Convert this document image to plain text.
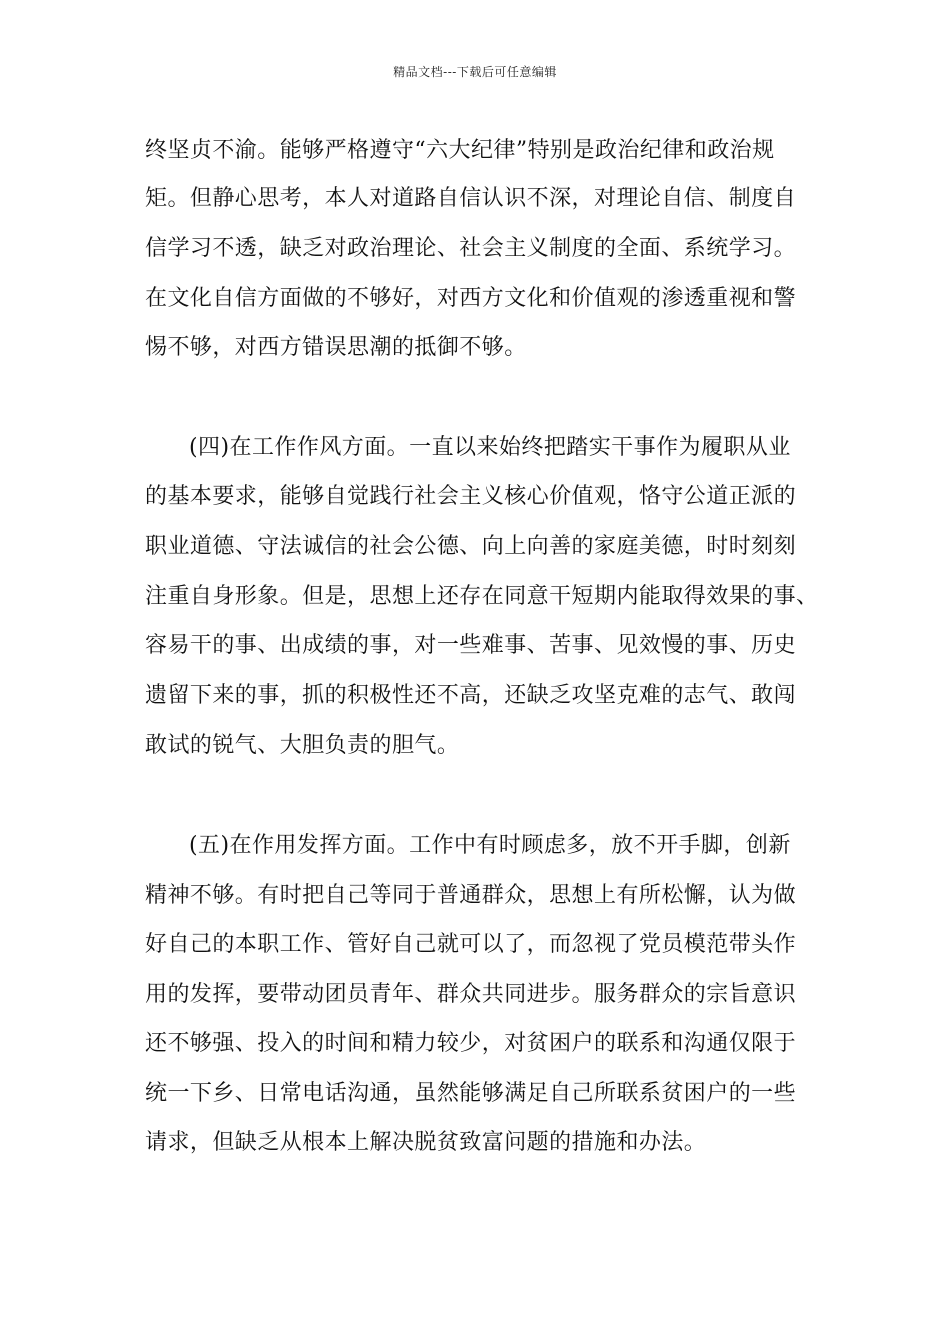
精品文档---下载后可任意编辑
终坚贞不渝。能够严格遵守“六大纪律”特别是政治纪律和政治规
矩。但静心思考，本人对道路自信认识不深，对理论自信、制度自
信学习不透，缺乏对政治理论、社会主义制度的全面、系统学习。
在文化自信方面做的不够好，对西方文化和价值观的渗透重视和警
惕不够，对西方错误思潮的抵御不够。
(四)在工作作风方面。一直以来始终把踏实干事作为履职从业
的基本要求，能够自觉践行社会主义核心价值观，恪守公道正派的
职业道德、守法诚信的社会公德、向上向善的家庭美德，时时刻刻
注重自身形象。但是，思想上还存在同意干短期内能取得效果的事、
容易干的事、出成绩的事，对一些难事、苦事、见效慢的事、历史
遗留下来的事，抓的积极性还不高，还缺乏攻坚克难的志气、敢闯
敢试的锐气、大胆负责的胆气。
(五)在作用发挥方面。工作中有时顾虑多，放不开手脚，创新
精神不够。有时把自己等同于普通群众，思想上有所松懈，认为做
好自己的本职工作、管好自己就可以了，而忽视了党员模范带头作
用的发挥，要带动团员青年、群众共同进步。服务群众的宗旨意识
还不够强、投入的时间和精力较少，对贫困户的联系和沟通仅限于
统一下乡、日常电话沟通，虽然能够满足自己所联系贫困户的一些
请求，但缺乏从根本上解决脱贫致富问题的措施和办法。
